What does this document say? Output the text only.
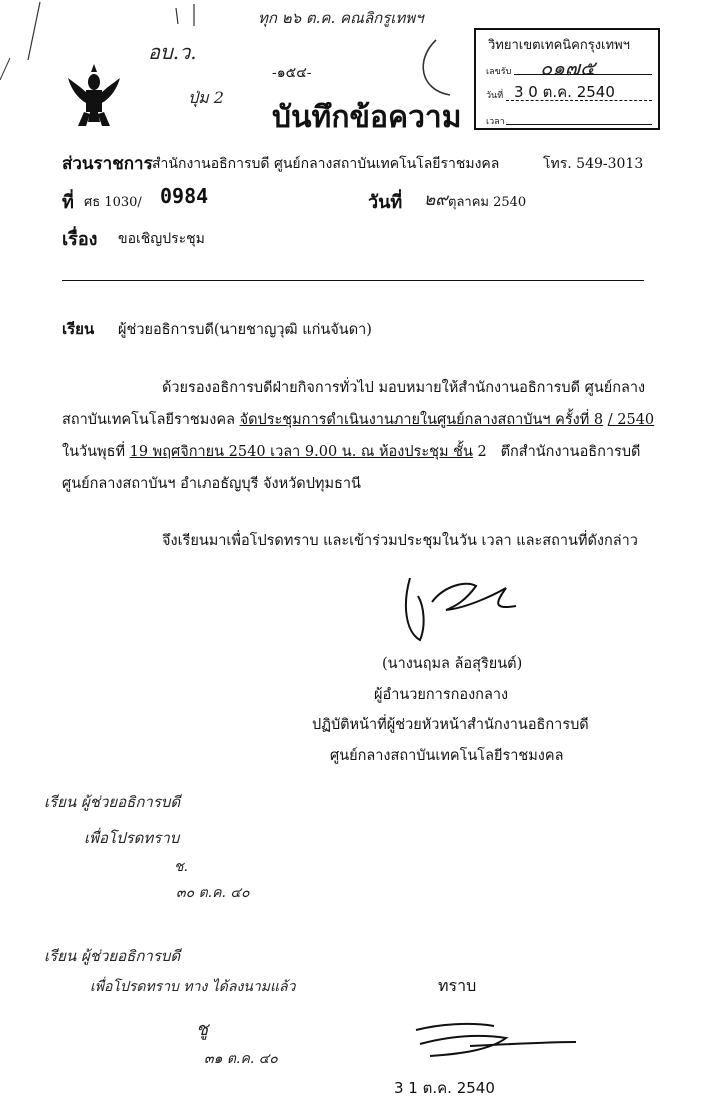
ทุก ๒๖ ต.ค. คณลิกรูเทพฯ
อบ.ว.
ปุ่ม 2
-๑๕๔-
บันทึกข้อความ
วิทยาเขตเทคนิคกรุงเทพฯ
เลขรับ ๐๑๗๕
วันที่ 3 0 ต.ค. 2540
เวลา
ส่วนราชการ สำนักงานอธิการบดี ศูนย์กลางสถาบันเทคโนโลยีราชมงคล	โทร. 549-3013
ที่ ศธ 1030/ 0984	วันที่ ๒๙ ตุลาคม 2540
เรื่อง ขอเชิญประชุม
เรียน ผู้ช่วยอธิการบดี(นายชาญวุฒิ แก่นจันดา)
ด้วยรองอธิการบดีฝ่ายกิจการทั่วไป มอบหมายให้สำนักงานอธิการบดี ศูนย์กลาง
สถาบันเทคโนโลยีราชมงคล จัดประชุมการดำเนินงานภายในศูนย์กลางสถาบันฯ ครั้งที่ 8 / 2540
ในวันพุธที่ 19 พฤศจิกายน 2540 เวลา 9.00 น. ณ ห้องประชุม ชั้น 2 ตึกสำนักงานอธิการบดี
ศูนย์กลางสถาบันฯ อำเภอธัญบุรี จังหวัดปทุมธานี
จึงเรียนมาเพื่อโปรดทราบ และเข้าร่วมประชุมในวัน เวลา และสถานที่ดังกล่าว
(นางนฤมล ล้อสุริยนต์)
ผู้อำนวยการกองกลาง
ปฏิบัติหน้าที่ผู้ช่วยหัวหน้าสำนักงานอธิการบดี
ศูนย์กลางสถาบันเทคโนโลยีราชมงคล
เรียน ผู้ช่วยอธิการบดี
เพื่อโปรดทราบ
ช.
๓๐ ต.ค. ๔๐
เรียน ผู้ช่วยอธิการบดี
เพื่อโปรดทราบ ทาง ได้ลงนามแล้ว
ชู
๓๑ ต.ค. ๔๐
ทราบ
3 1 ต.ค. 2540
